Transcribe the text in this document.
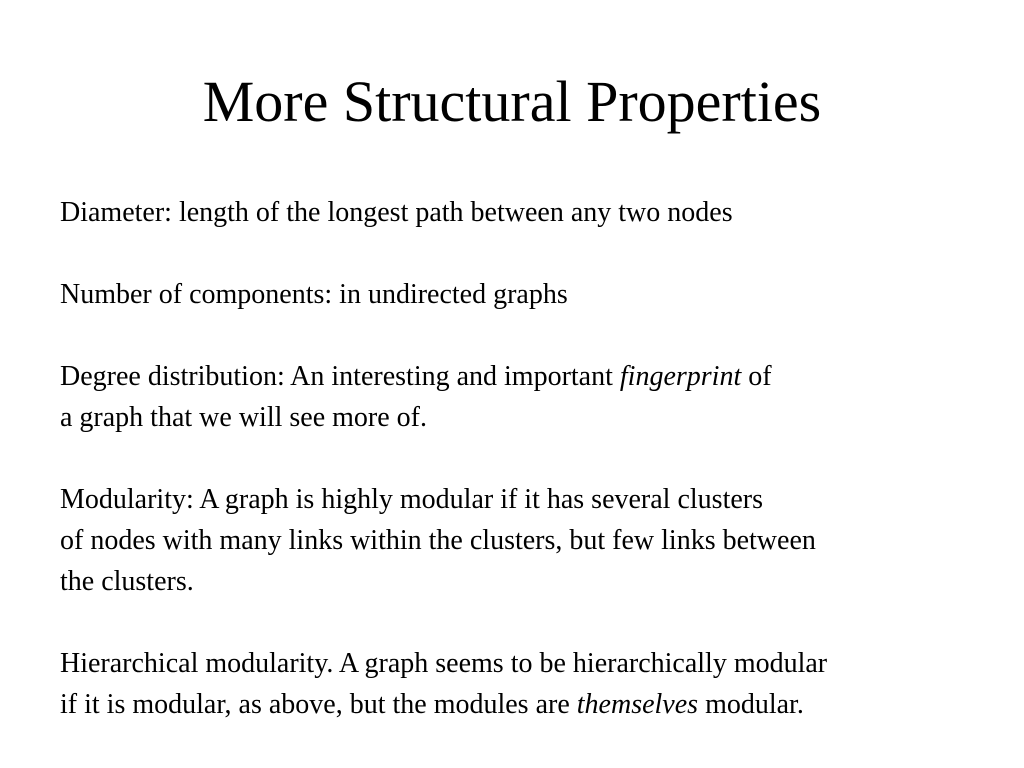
More Structural Properties

Diameter: length of the longest path between any two nodes

Number of components: in undirected graphs

Degree distribution: An interesting and important fingerprint of
a graph that we will see more of.

Modularity: A graph is highly modular if it has several clusters
of nodes with many links within the clusters, but few links between
the clusters.

Hierarchical modularity. A graph seems to be hierarchically modular
if it is modular, as above, but the modules are themselves modular.
